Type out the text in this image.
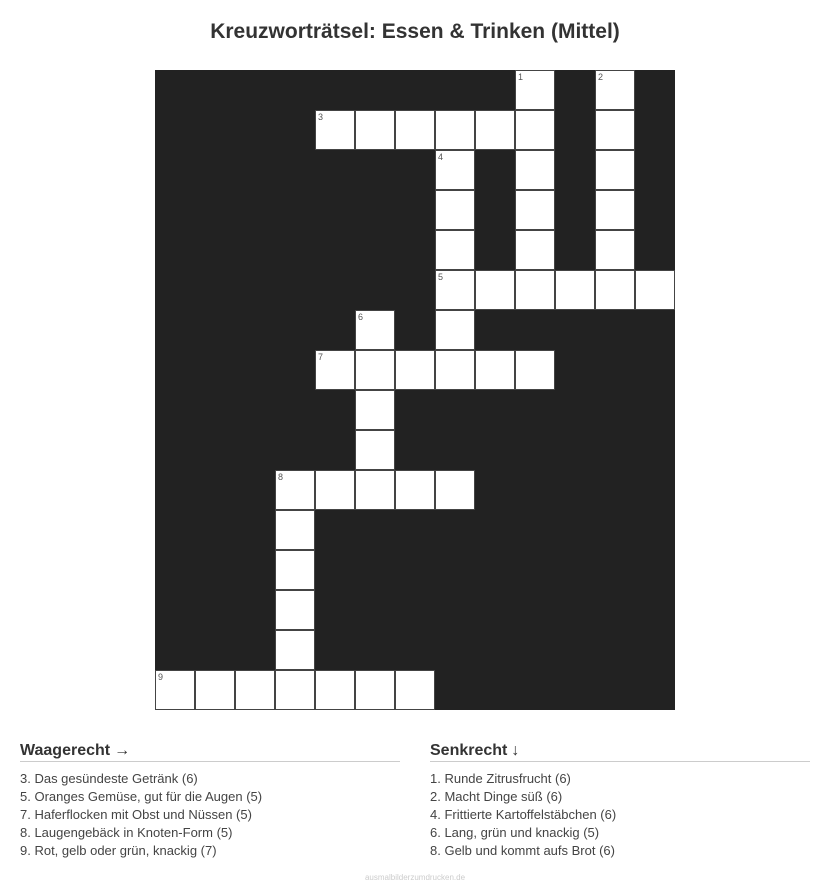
Kreuzworträtsel: Essen & Trinken (Mittel)
3
5
7
8
9
1	2
4
6
Waagerecht →
3. Das gesündeste Getränk (6)
5. Oranges Gemüse, gut für die Augen (5)
7. Haferflocken mit Obst und Nüssen (5)
8. Laugengebäck in Knoten-Form (5)
9. Rot, gelb oder grün, knackig (7)
Senkrecht ↓
1. Runde Zitrusfrucht (6)
2. Macht Dinge süß (6)
4. Frittierte Kartoffelstäbchen (6)
6. Lang, grün und knackig (5)
8. Gelb und kommt aufs Brot (6)
ausmalbilderzumdrucken.de
